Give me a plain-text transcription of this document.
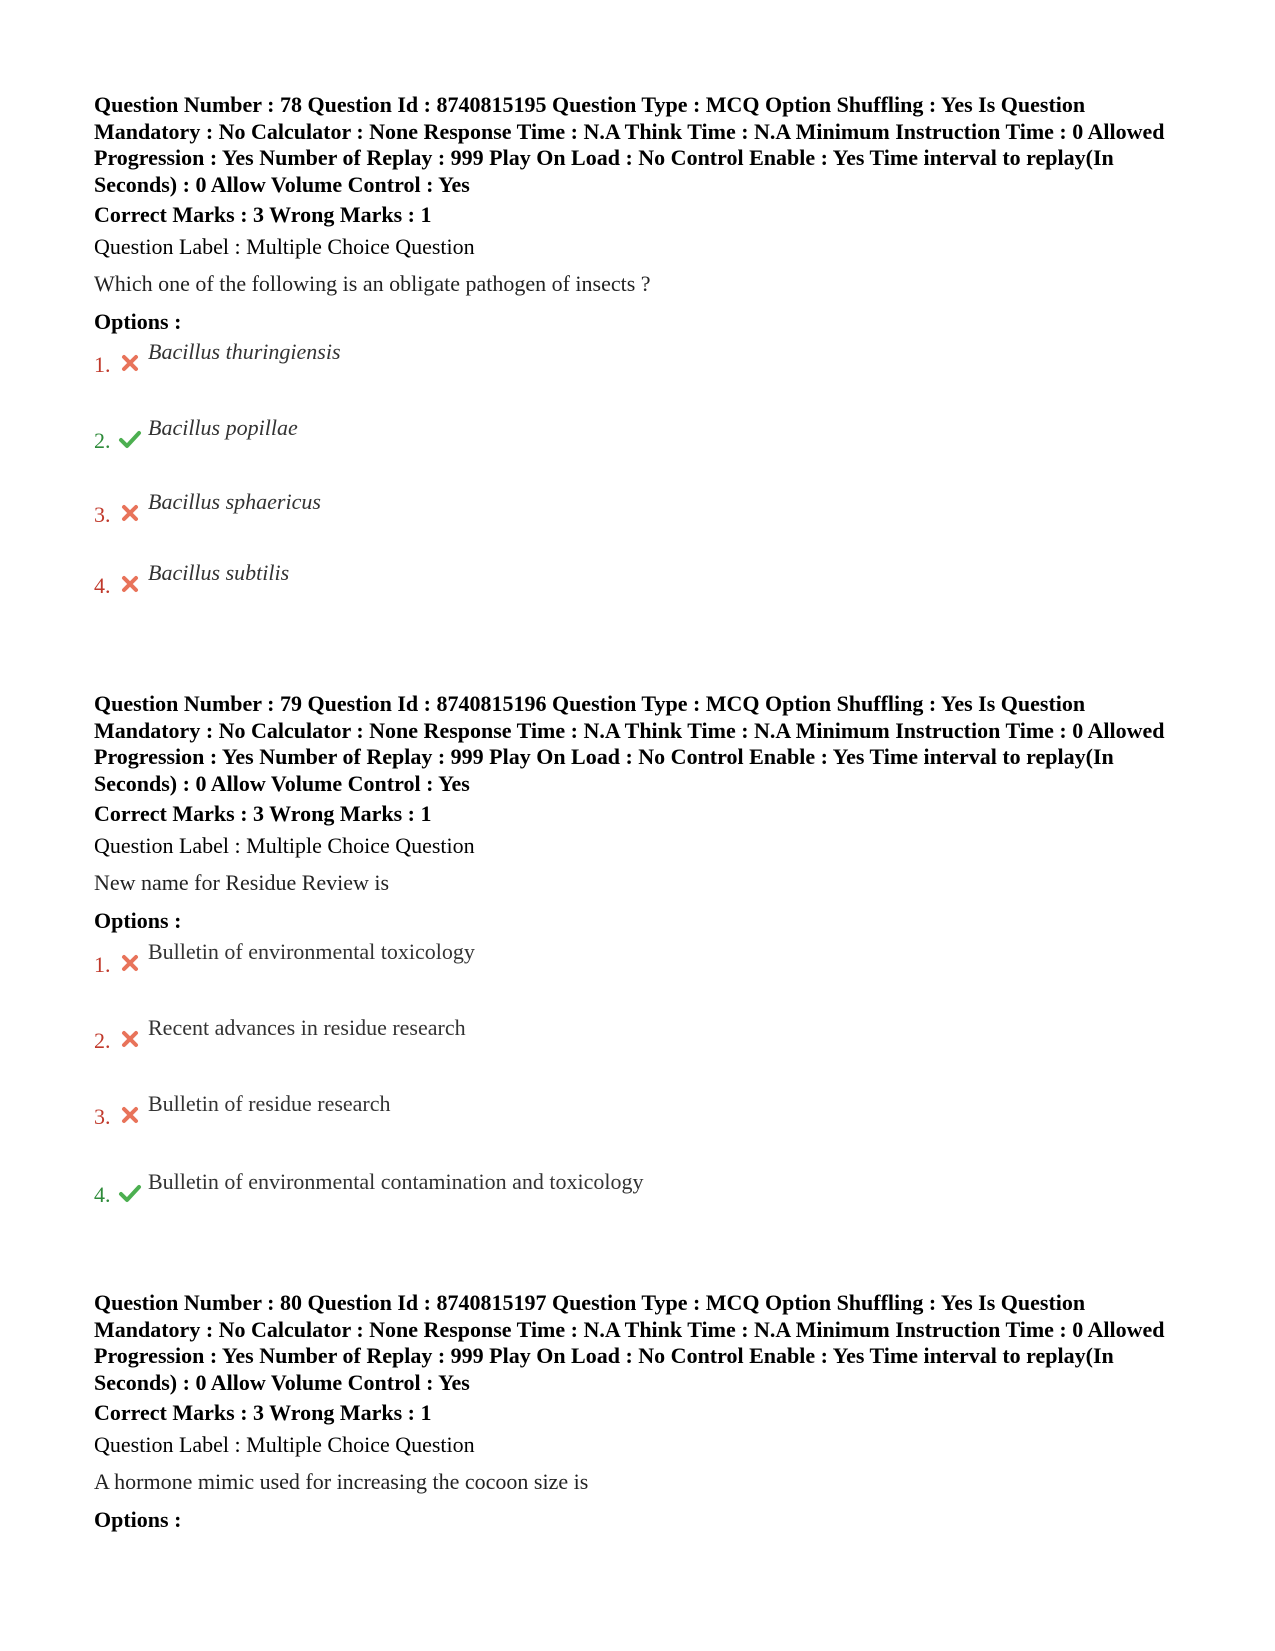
Question Number : 78 Question Id : 8740815195 Question Type : MCQ Option Shuffling : Yes Is Question Mandatory : No Calculator : None Response Time : N.A Think Time : N.A Minimum Instruction Time : 0 Allowed Progression : Yes Number of Replay : 999 Play On Load : No Control Enable : Yes Time interval to replay(In Seconds) : 0 Allow Volume Control : Yes

Correct Marks : 3 Wrong Marks : 1
Question Label : Multiple Choice Question
Which one of the following is an obligate pathogen of insects ?
Options :
1.
Bacillus thuringiensis
2.
Bacillus popillae
3.
Bacillus sphaericus
4.
Bacillus subtilis

Question Number : 79 Question Id : 8740815196 Question Type : MCQ Option Shuffling : Yes Is Question Mandatory : No Calculator : None Response Time : N.A Think Time : N.A Minimum Instruction Time : 0 Allowed Progression : Yes Number of Replay : 999 Play On Load : No Control Enable : Yes Time interval to replay(In Seconds) : 0 Allow Volume Control : Yes

Correct Marks : 3 Wrong Marks : 1
Question Label : Multiple Choice Question
New name for Residue Review is
Options :
1.
Bulletin of environmental toxicology
2.
Recent advances in residue research
3.
Bulletin of residue research
4.
Bulletin of environmental contamination and toxicology

Question Number : 80 Question Id : 8740815197 Question Type : MCQ Option Shuffling : Yes Is Question Mandatory : No Calculator : None Response Time : N.A Think Time : N.A Minimum Instruction Time : 0 Allowed Progression : Yes Number of Replay : 999 Play On Load : No Control Enable : Yes Time interval to replay(In Seconds) : 0 Allow Volume Control : Yes

Correct Marks : 3 Wrong Marks : 1
Question Label : Multiple Choice Question
A hormone mimic used for increasing the cocoon size is
Options :
